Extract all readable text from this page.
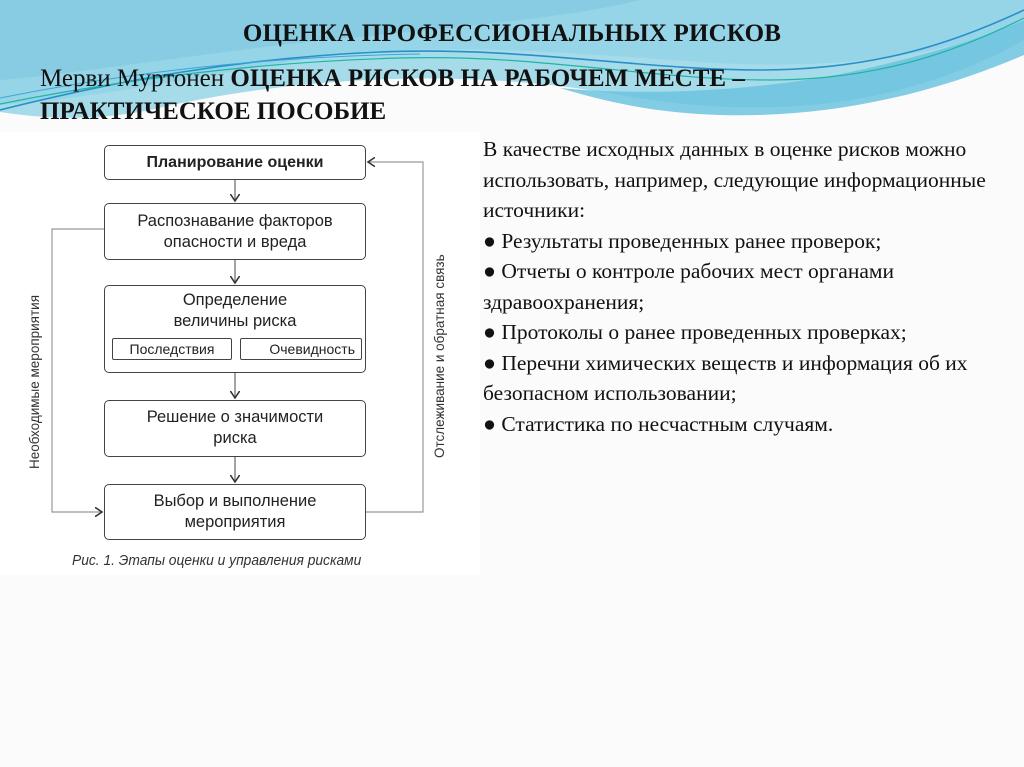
ОЦЕНКА ПРОФЕССИОНАЛЬНЫХ РИСКОВ
Мерви Муртонен ОЦЕНКА РИСКОВ НА РАБОЧЕМ МЕСТЕ – ПРАКТИЧЕСКОЕ ПОСОБИЕ
Планирование оценки
Распознавание факторов опасности и вреда
Определение величины риска
Последствия	Очевидность
Решение о значимости риска
Выбор и выполнение мероприятия
Необходимые мероприятия	Отслеживание и обратная связь
Рис. 1. Этапы оценки и управления рисками

В качестве исходных данных в оценке рисков можно использовать, например, следующие информационные источники:

● Результаты проведенных ранее проверок;
● Отчеты о контроле рабочих мест органами здравоохранения;
● Протоколы о ранее проведенных проверках;
● Перечни химических веществ и информация об их безопасном использовании;
● Статистика по несчастным случаям.
